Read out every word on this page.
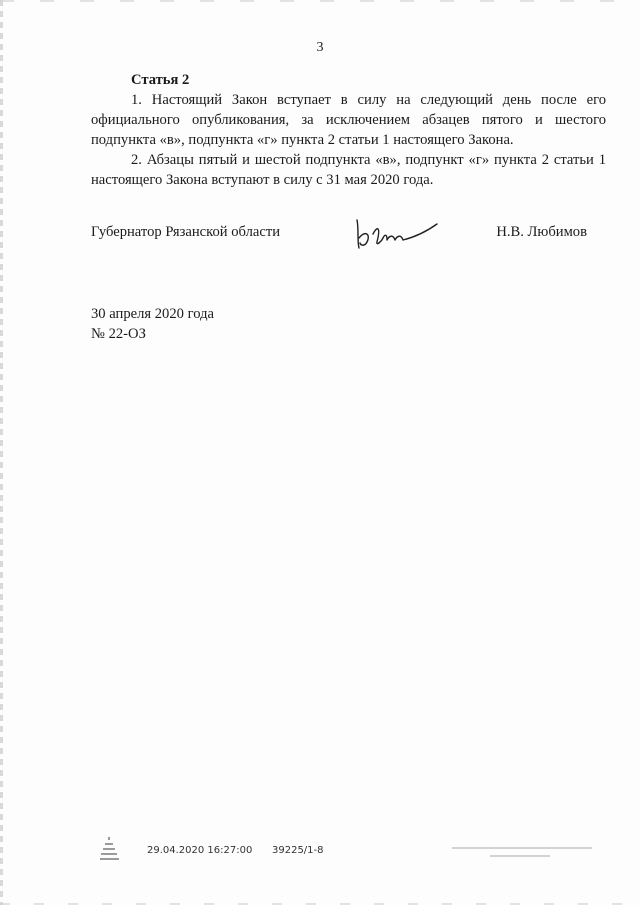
3
Статья 2

1. Настоящий Закон вступает в силу на следующий день после его официального опубликования, за исключением абзацев пятого и шестого подпункта «в», подпункта «г» пункта 2 статьи 1 настоящего Закона.

2. Абзацы пятый и шестой подпункта «в», подпункт «г» пункта 2 статьи 1 настоящего Закона вступают в силу с 31 мая 2020 года.

Губернатор Рязанской области	Н.В. Любимов
30 апреля 2020 года
№ 22-ОЗ
29.04.2020 16:27:00 39225/1-8
